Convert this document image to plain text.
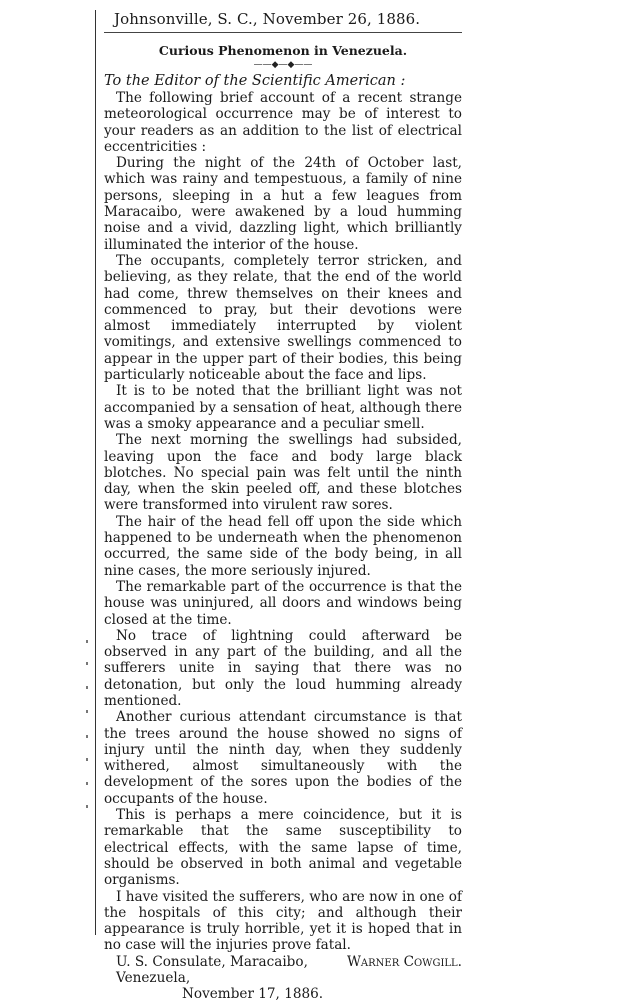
Johnsonville, S. C., November 26, 1886.
Curious Phenomenon in Venezuela.
——◆—◆——
To the Editor of the Scientific American :

The following brief account of a recent strange meteorological occurrence may be of interest to your readers as an addition to the list of electrical eccentricities :

During the night of the 24th of October last, which was rainy and tempestuous, a family of nine persons, sleeping in a hut a few leagues from Maracaibo, were awakened by a loud humming noise and a vivid, dazzling light, which brilliantly illuminated the interior of the house.

The occupants, completely terror stricken, and believing, as they relate, that the end of the world had come, threw themselves on their knees and commenced to pray, but their devotions were almost immediately interrupted by violent vomitings, and extensive swellings commenced to appear in the upper part of their bodies, this being particularly noticeable about the face and lips.

It is to be noted that the brilliant light was not accompanied by a sensation of heat, although there was a smoky appearance and a peculiar smell.

The next morning the swellings had subsided, leaving upon the face and body large black blotches. No special pain was felt until the ninth day, when the skin peeled off, and these blotches were transformed into virulent raw sores.

The hair of the head fell off upon the side which happened to be underneath when the phenomenon occurred, the same side of the body being, in all nine cases, the more seriously injured.

The remarkable part of the occurrence is that the house was uninjured, all doors and windows being closed at the time.

No trace of lightning could afterward be observed in any part of the building, and all the sufferers unite in saying that there was no detonation, but only the loud humming already mentioned.

Another curious attendant circumstance is that the trees around the house showed no signs of injury until the ninth day, when they suddenly withered, almost simultaneously with the development of the sores upon the bodies of the occupants of the house.

This is perhaps a mere coincidence, but it is remarkable that the same susceptibility to electrical effects, with the same lapse of time, should be observed in both animal and vegetable organisms.

I have visited the sufferers, who are now in one of the hospitals of this city; and although their appearance is truly horrible, yet it is hoped that in no case will the injuries prove fatal.
Warner Cowgill.

U. S. Consulate, Maracaibo, Venezuela,

November 17, 1886.
